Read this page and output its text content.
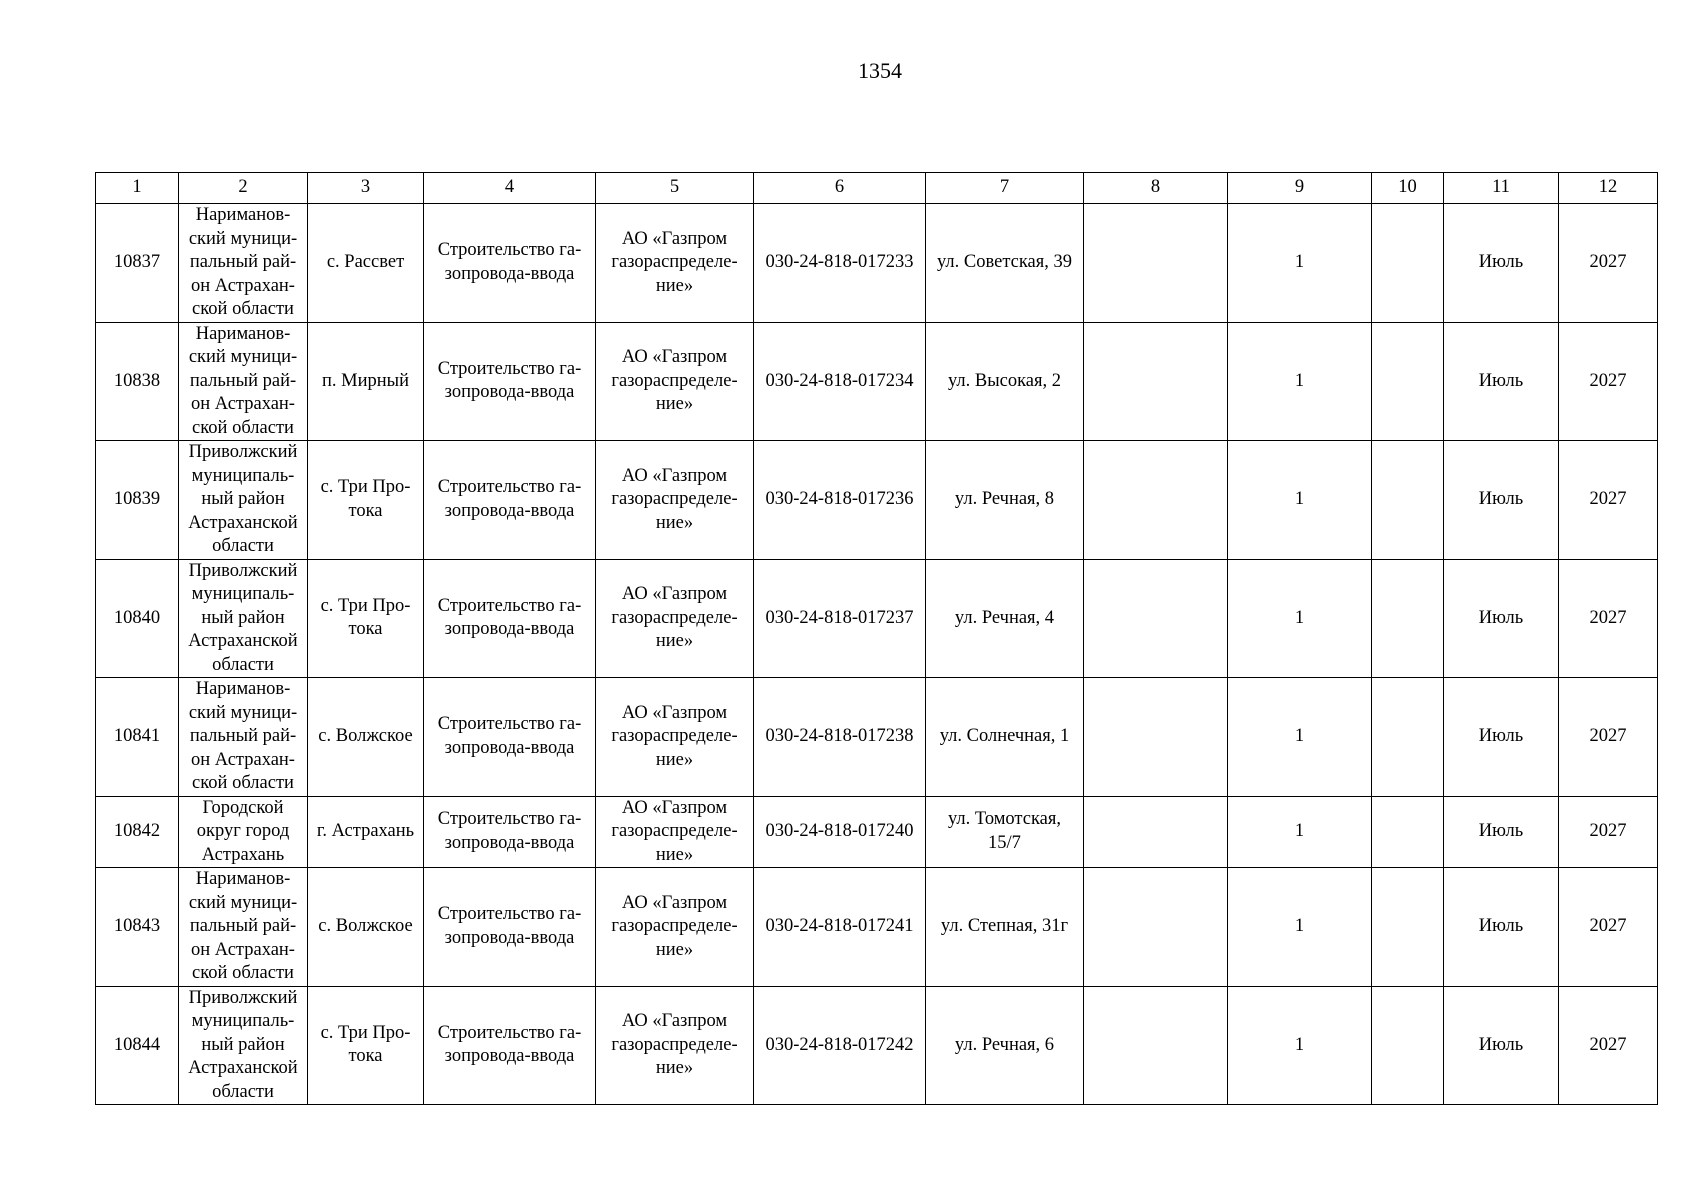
1354
1	2	3	4	5	6	7	8	9	10	11	12
10837	Нариманов-
ский муници-
пальный рай-
он Астрахан-
ской области	с. Рассвет	Строительство га-
зопровода-ввода	АО «Газпром
газораспределе-
ние»	030-24-818-017233	ул. Советская, 39		1		Июль	2027
10838	Нариманов-
ский муници-
пальный рай-
он Астрахан-
ской области	п. Мирный	Строительство га-
зопровода-ввода	АО «Газпром
газораспределе-
ние»	030-24-818-017234	ул. Высокая, 2		1		Июль	2027
10839	Приволжский
муниципаль-
ный район
Астраханской
области	с. Три Про-
тока	Строительство га-
зопровода-ввода	АО «Газпром
газораспределе-
ние»	030-24-818-017236	ул. Речная, 8		1		Июль	2027
10840	Приволжский
муниципаль-
ный район
Астраханской
области	с. Три Про-
тока	Строительство га-
зопровода-ввода	АО «Газпром
газораспределе-
ние»	030-24-818-017237	ул. Речная, 4		1		Июль	2027
10841	Нариманов-
ский муници-
пальный рай-
он Астрахан-
ской области	с. Волжское	Строительство га-
зопровода-ввода	АО «Газпром
газораспределе-
ние»	030-24-818-017238	ул. Солнечная, 1		1		Июль	2027
10842	Городской
округ город
Астрахань	г. Астрахань	Строительство га-
зопровода-ввода	АО «Газпром
газораспределе-
ние»	030-24-818-017240	ул. Томотская,
15/7		1		Июль	2027
10843	Нариманов-
ский муници-
пальный рай-
он Астрахан-
ской области	с. Волжское	Строительство га-
зопровода-ввода	АО «Газпром
газораспределе-
ние»	030-24-818-017241	ул. Степная, 31г		1		Июль	2027
10844	Приволжский
муниципаль-
ный район
Астраханской
области	с. Три Про-
тока	Строительство га-
зопровода-ввода	АО «Газпром
газораспределе-
ние»	030-24-818-017242	ул. Речная, 6		1		Июль	2027
